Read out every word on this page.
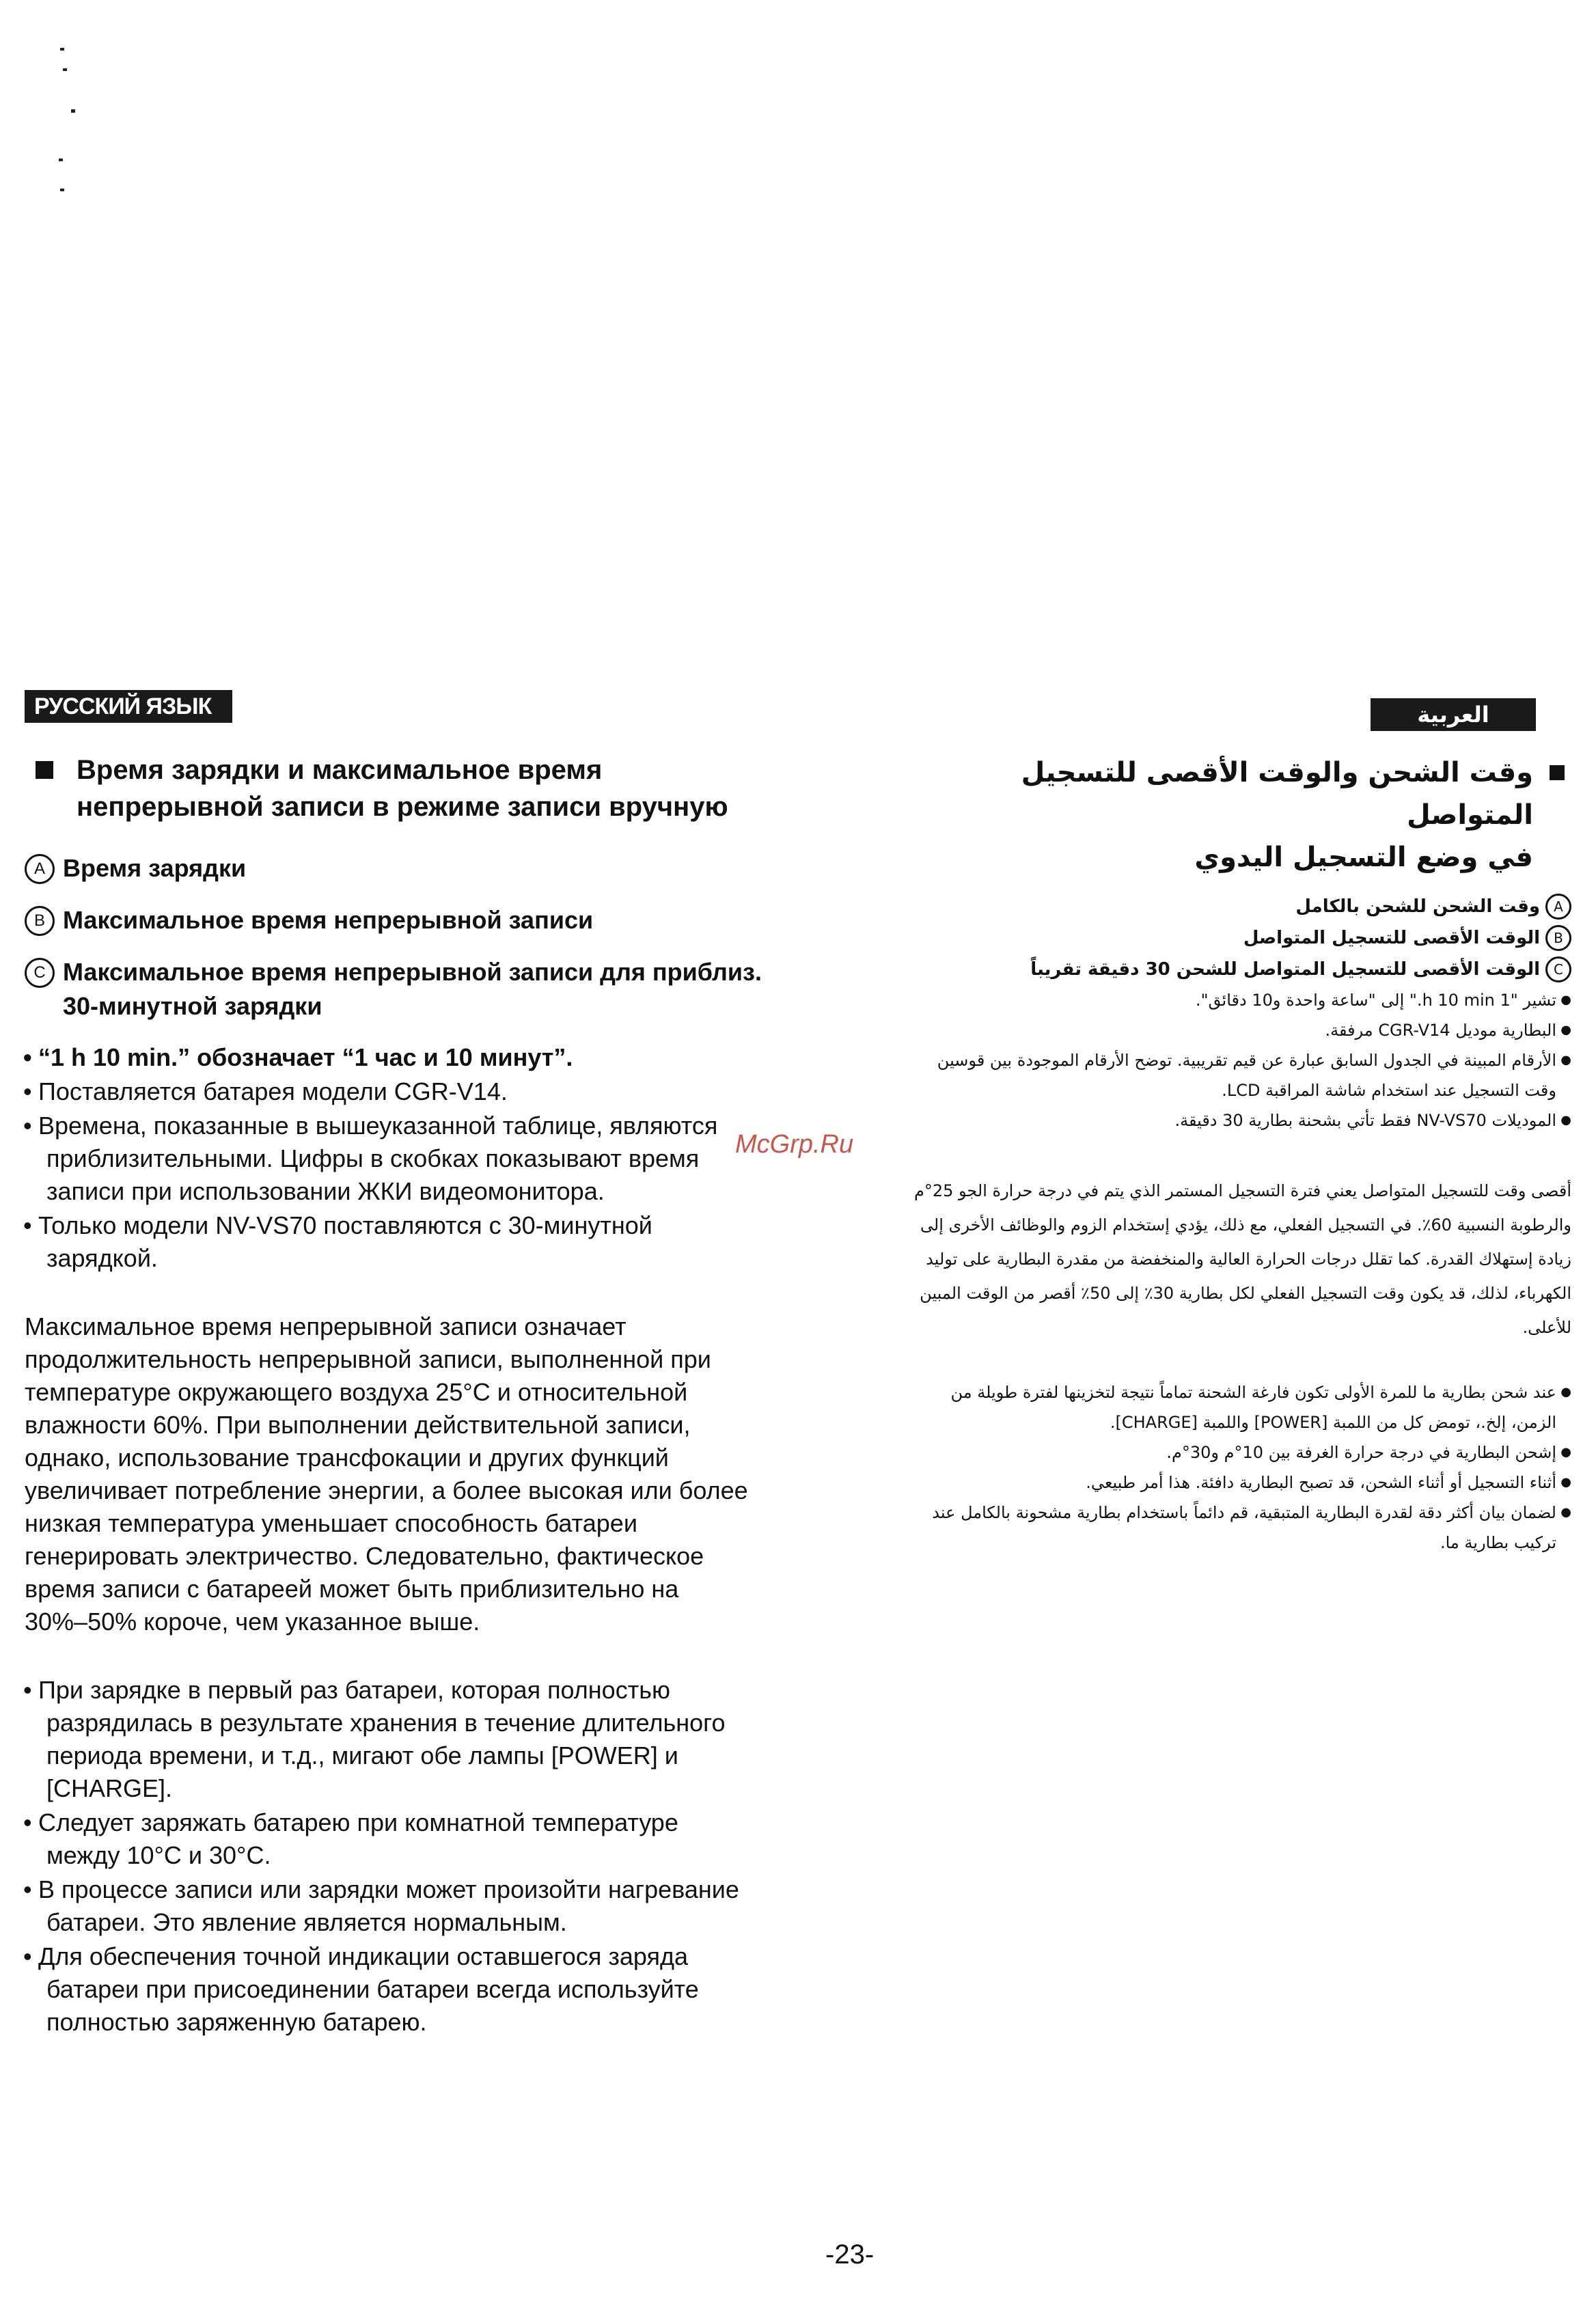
РУССКИЙ ЯЗЫК	العربية
Время зарядки и максимальное время
непрерывной записи в режиме записи вручную
A Время зарядки
B Максимальное время непрерывной записи
C Максимальное время непрерывной записи для приблиз.
30-минутной зарядки
• “1 h 10 min.” обозначает “1 час и 10 минут”.
• Поставляется батарея модели CGR-V14.
• Времена, показанные в вышеуказанной таблице, являются
приблизительными. Цифры в скобках показывают время
записи при использовании ЖКИ видеомонитора.
• Только модели NV-VS70 поставляются с 30-минутной
зарядкой.
Максимальное время непрерывной записи означает
продолжительность непрерывной записи, выполненной при
температуре окружающего воздуха 25°C и относительной
влажности 60%. При выполнении действительной записи,
однако, использование трансфокации и других функций
увеличивает потребление энергии, а более высокая или более
низкая температура уменьшает способность батареи
генерировать электричество. Следовательно, фактическое
время записи с батареей может быть приблизительно на
30%–50% короче, чем указанное выше.
• При зарядке в первый раз батареи, которая полностью
разрядилась в результате хранения в течение длительного
периода времени, и т.д., мигают обе лампы [POWER] и
[CHARGE].
• Следует заряжать батарею при комнатной температуре
между 10°C и 30°C.
• В процессе записи или зарядки может произойти нагревание
батареи. Это явление является нормальным.
• Для обеспечения точной индикации оставшегося заряда
батареи при присоединении батареи всегда используйте
полностью заряженную батарею.
McGrp.Ru
وقت الشحن والوقت الأقصى للتسجيل المتواصل
في وضع التسجيل اليدوي
A
وقت الشحن للشحن بالكامل
B
الوقت الأقصى للتسجيل المتواصل
C
الوقت الأقصى للتسجيل المتواصل للشحن 30 دقيقة تقريباً
● تشير "1 h 10 min." إلى "ساعة واحدة و10 دقائق".
● البطارية موديل CGR-V14 مرفقة.
● الأرقام المبينة في الجدول السابق عبارة عن قيم تقريبية. توضح الأرقام الموجودة بين قوسين وقت التسجيل عند استخدام شاشة المراقبة LCD.
● الموديلات NV-VS70 فقط تأتي بشحنة بطارية 30 دقيقة.
أقصى وقت للتسجيل المتواصل يعني فترة التسجيل المستمر الذي يتم في درجة حرارة الجو 25°م والرطوبة النسبية 60٪. في التسجيل الفعلي، مع ذلك، يؤدي إستخدام الزوم والوظائف الأخرى إلى زيادة إستهلاك القدرة. كما تقلل درجات الحرارة العالية والمنخفضة من مقدرة البطارية على توليد الكهرباء، لذلك، قد يكون وقت التسجيل الفعلي لكل بطارية 30٪ إلى 50٪ أقصر من الوقت المبين للأعلى.
● عند شحن بطارية ما للمرة الأولى تكون فارغة الشحنة تماماً نتيجة لتخزينها لفترة طويلة من الزمن، إلخ.، تومض كل من اللمبة [POWER] واللمبة [CHARGE].
● إشحن البطارية في درجة حرارة الغرفة بين 10°م و30°م.
● أثناء التسجيل أو أثناء الشحن، قد تصبح البطارية دافئة. هذا أمر طبيعي.
● لضمان بيان أكثر دقة لقدرة البطارية المتبقية، قم دائماً باستخدام بطارية مشحونة بالكامل عند تركيب بطارية ما.
-23-
